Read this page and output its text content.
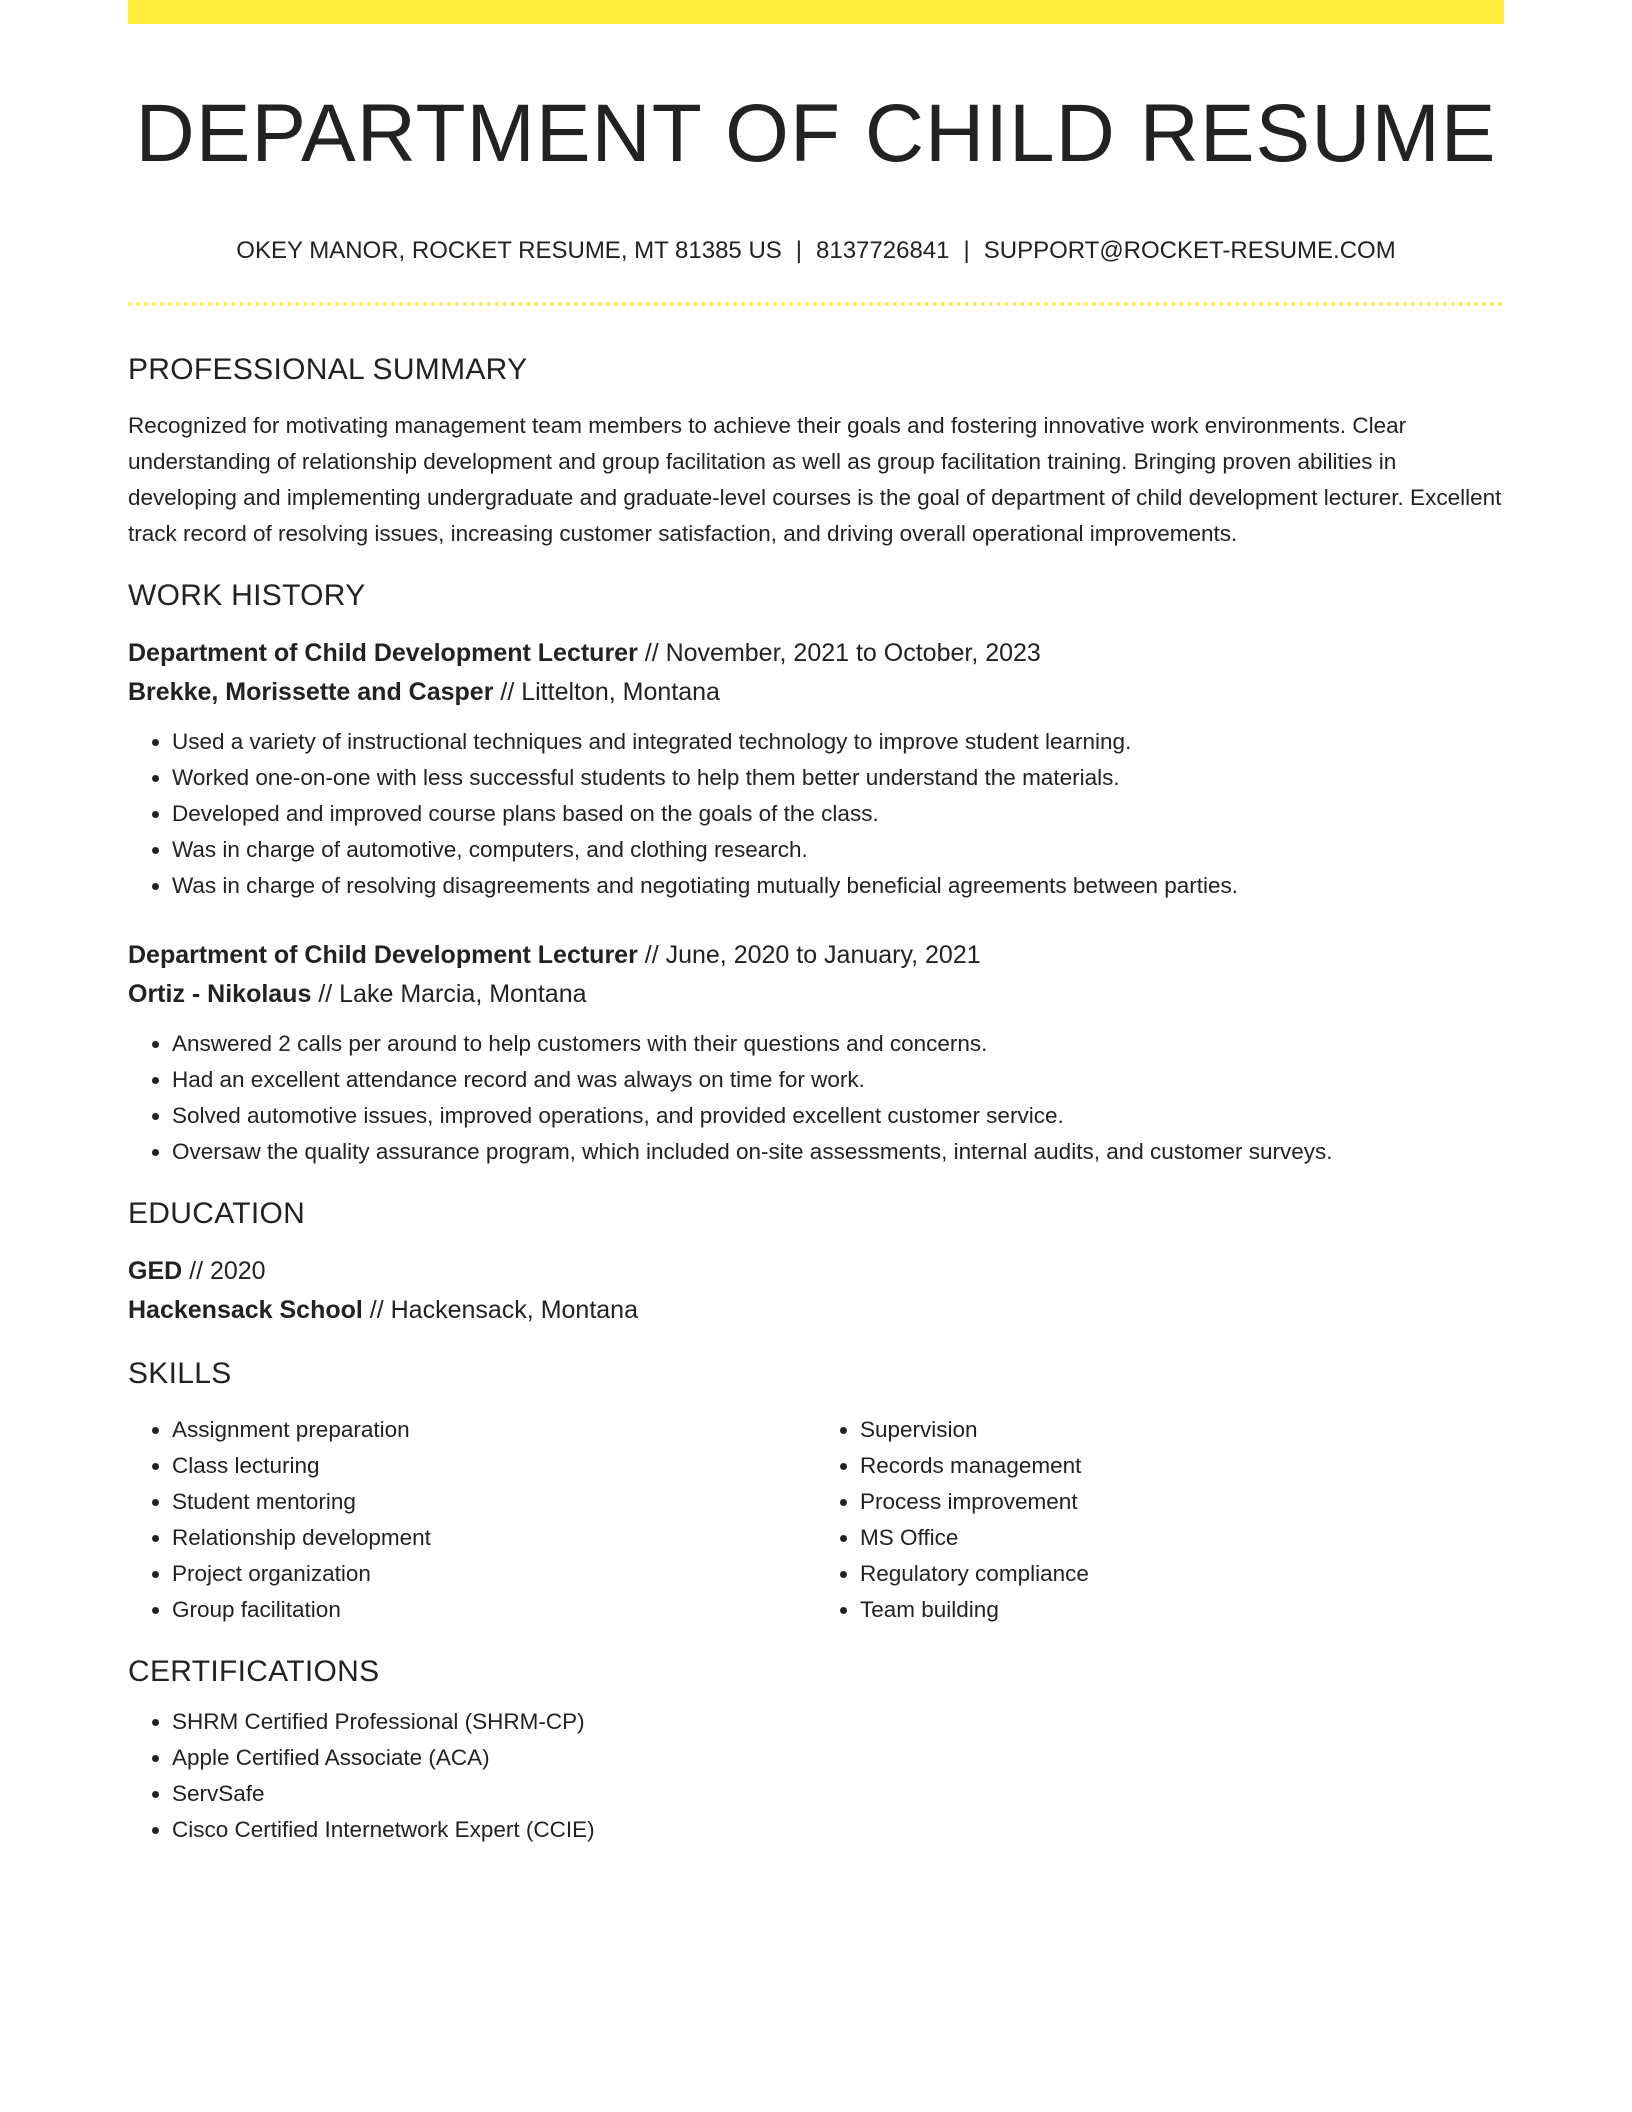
DEPARTMENT OF CHILD RESUME
OKEY MANOR, ROCKET RESUME, MT 81385 US | 8137726841 | SUPPORT@ROCKET-RESUME.COM
PROFESSIONAL SUMMARY
Recognized for motivating management team members to achieve their goals and fostering innovative work environments. Clear understanding of relationship development and group facilitation as well as group facilitation training. Bringing proven abilities in developing and implementing undergraduate and graduate-level courses is the goal of department of child development lecturer. Excellent track record of resolving issues, increasing customer satisfaction, and driving overall operational improvements.
WORK HISTORY
Department of Child Development Lecturer // November, 2021 to October, 2023
Brekke, Morissette and Casper // Littelton, Montana
• Used a variety of instructional techniques and integrated technology to improve student learning.
• Worked one-on-one with less successful students to help them better understand the materials.
• Developed and improved course plans based on the goals of the class.
• Was in charge of automotive, computers, and clothing research.
• Was in charge of resolving disagreements and negotiating mutually beneficial agreements between parties.
Department of Child Development Lecturer // June, 2020 to January, 2021
Ortiz - Nikolaus // Lake Marcia, Montana
• Answered 2 calls per around to help customers with their questions and concerns.
• Had an excellent attendance record and was always on time for work.
• Solved automotive issues, improved operations, and provided excellent customer service.
• Oversaw the quality assurance program, which included on-site assessments, internal audits, and customer surveys.
EDUCATION
GED // 2020
Hackensack School // Hackensack, Montana
SKILLS
• Assignment preparation
• Class lecturing
• Student mentoring
• Relationship development
• Project organization
• Group facilitation
• Supervision
• Records management
• Process improvement
• MS Office
• Regulatory compliance
• Team building
CERTIFICATIONS
• SHRM Certified Professional (SHRM-CP)
• Apple Certified Associate (ACA)
• ServSafe
• Cisco Certified Internetwork Expert (CCIE)
